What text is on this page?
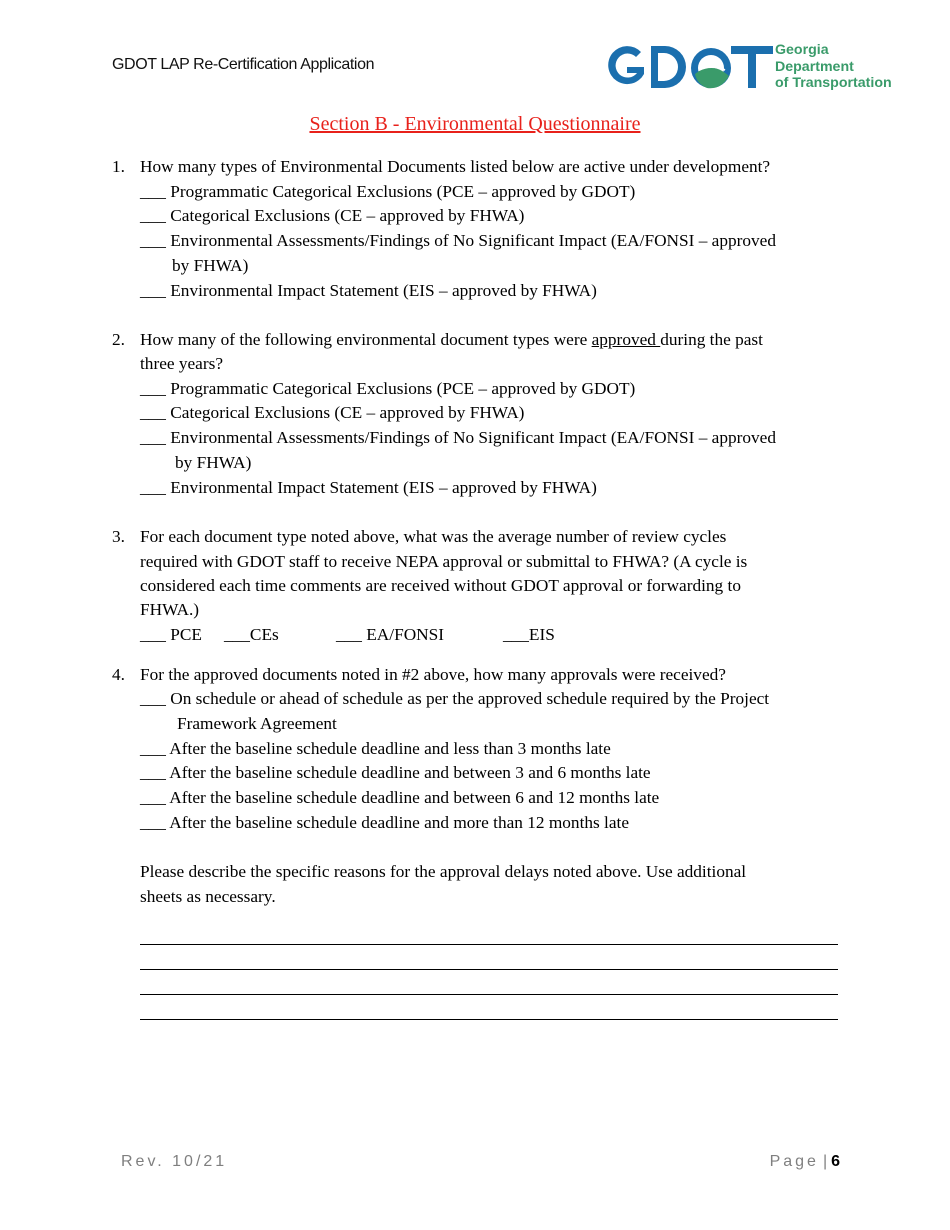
GDOT LAP Re-Certification Application
Georgia
Department
of Transportation
Section B - Environmental Questionnaire
1. How many types of Environmental Documents listed below are active under development?
___ Programmatic Categorical Exclusions (PCE – approved by GDOT)
___ Categorical Exclusions (CE – approved by FHWA)
___ Environmental Assessments/Findings of No Significant Impact (EA/FONSI – approved
by FHWA)
___ Environmental Impact Statement (EIS – approved by FHWA)
2. How many of the following environmental document types were approved during the past
three years?
___ Programmatic Categorical Exclusions (PCE – approved by GDOT)
___ Categorical Exclusions (CE – approved by FHWA)
___ Environmental Assessments/Findings of No Significant Impact (EA/FONSI – approved
by FHWA)
___ Environmental Impact Statement (EIS – approved by FHWA)
3. For each document type noted above, what was the average number of review cycles
required with GDOT staff to receive NEPA approval or submittal to FHWA? (A cycle is
considered each time comments are received without GDOT approval or forwarding to
FHWA.)
___ PCE ___CEs	___ EA/FONSI	___EIS
4. For the approved documents noted in #2 above, how many approvals were received?
___ On schedule or ahead of schedule as per the approved schedule required by the Project
Framework Agreement
___ After the baseline schedule deadline and less than 3 months late
___ After the baseline schedule deadline and between 3 and 6 months late
___ After the baseline schedule deadline and between 6 and 12 months late
___ After the baseline schedule deadline and more than 12 months late
Please describe the specific reasons for the approval delays noted above. Use additional
sheets as necessary.
Rev. 10/21	Page | 6
